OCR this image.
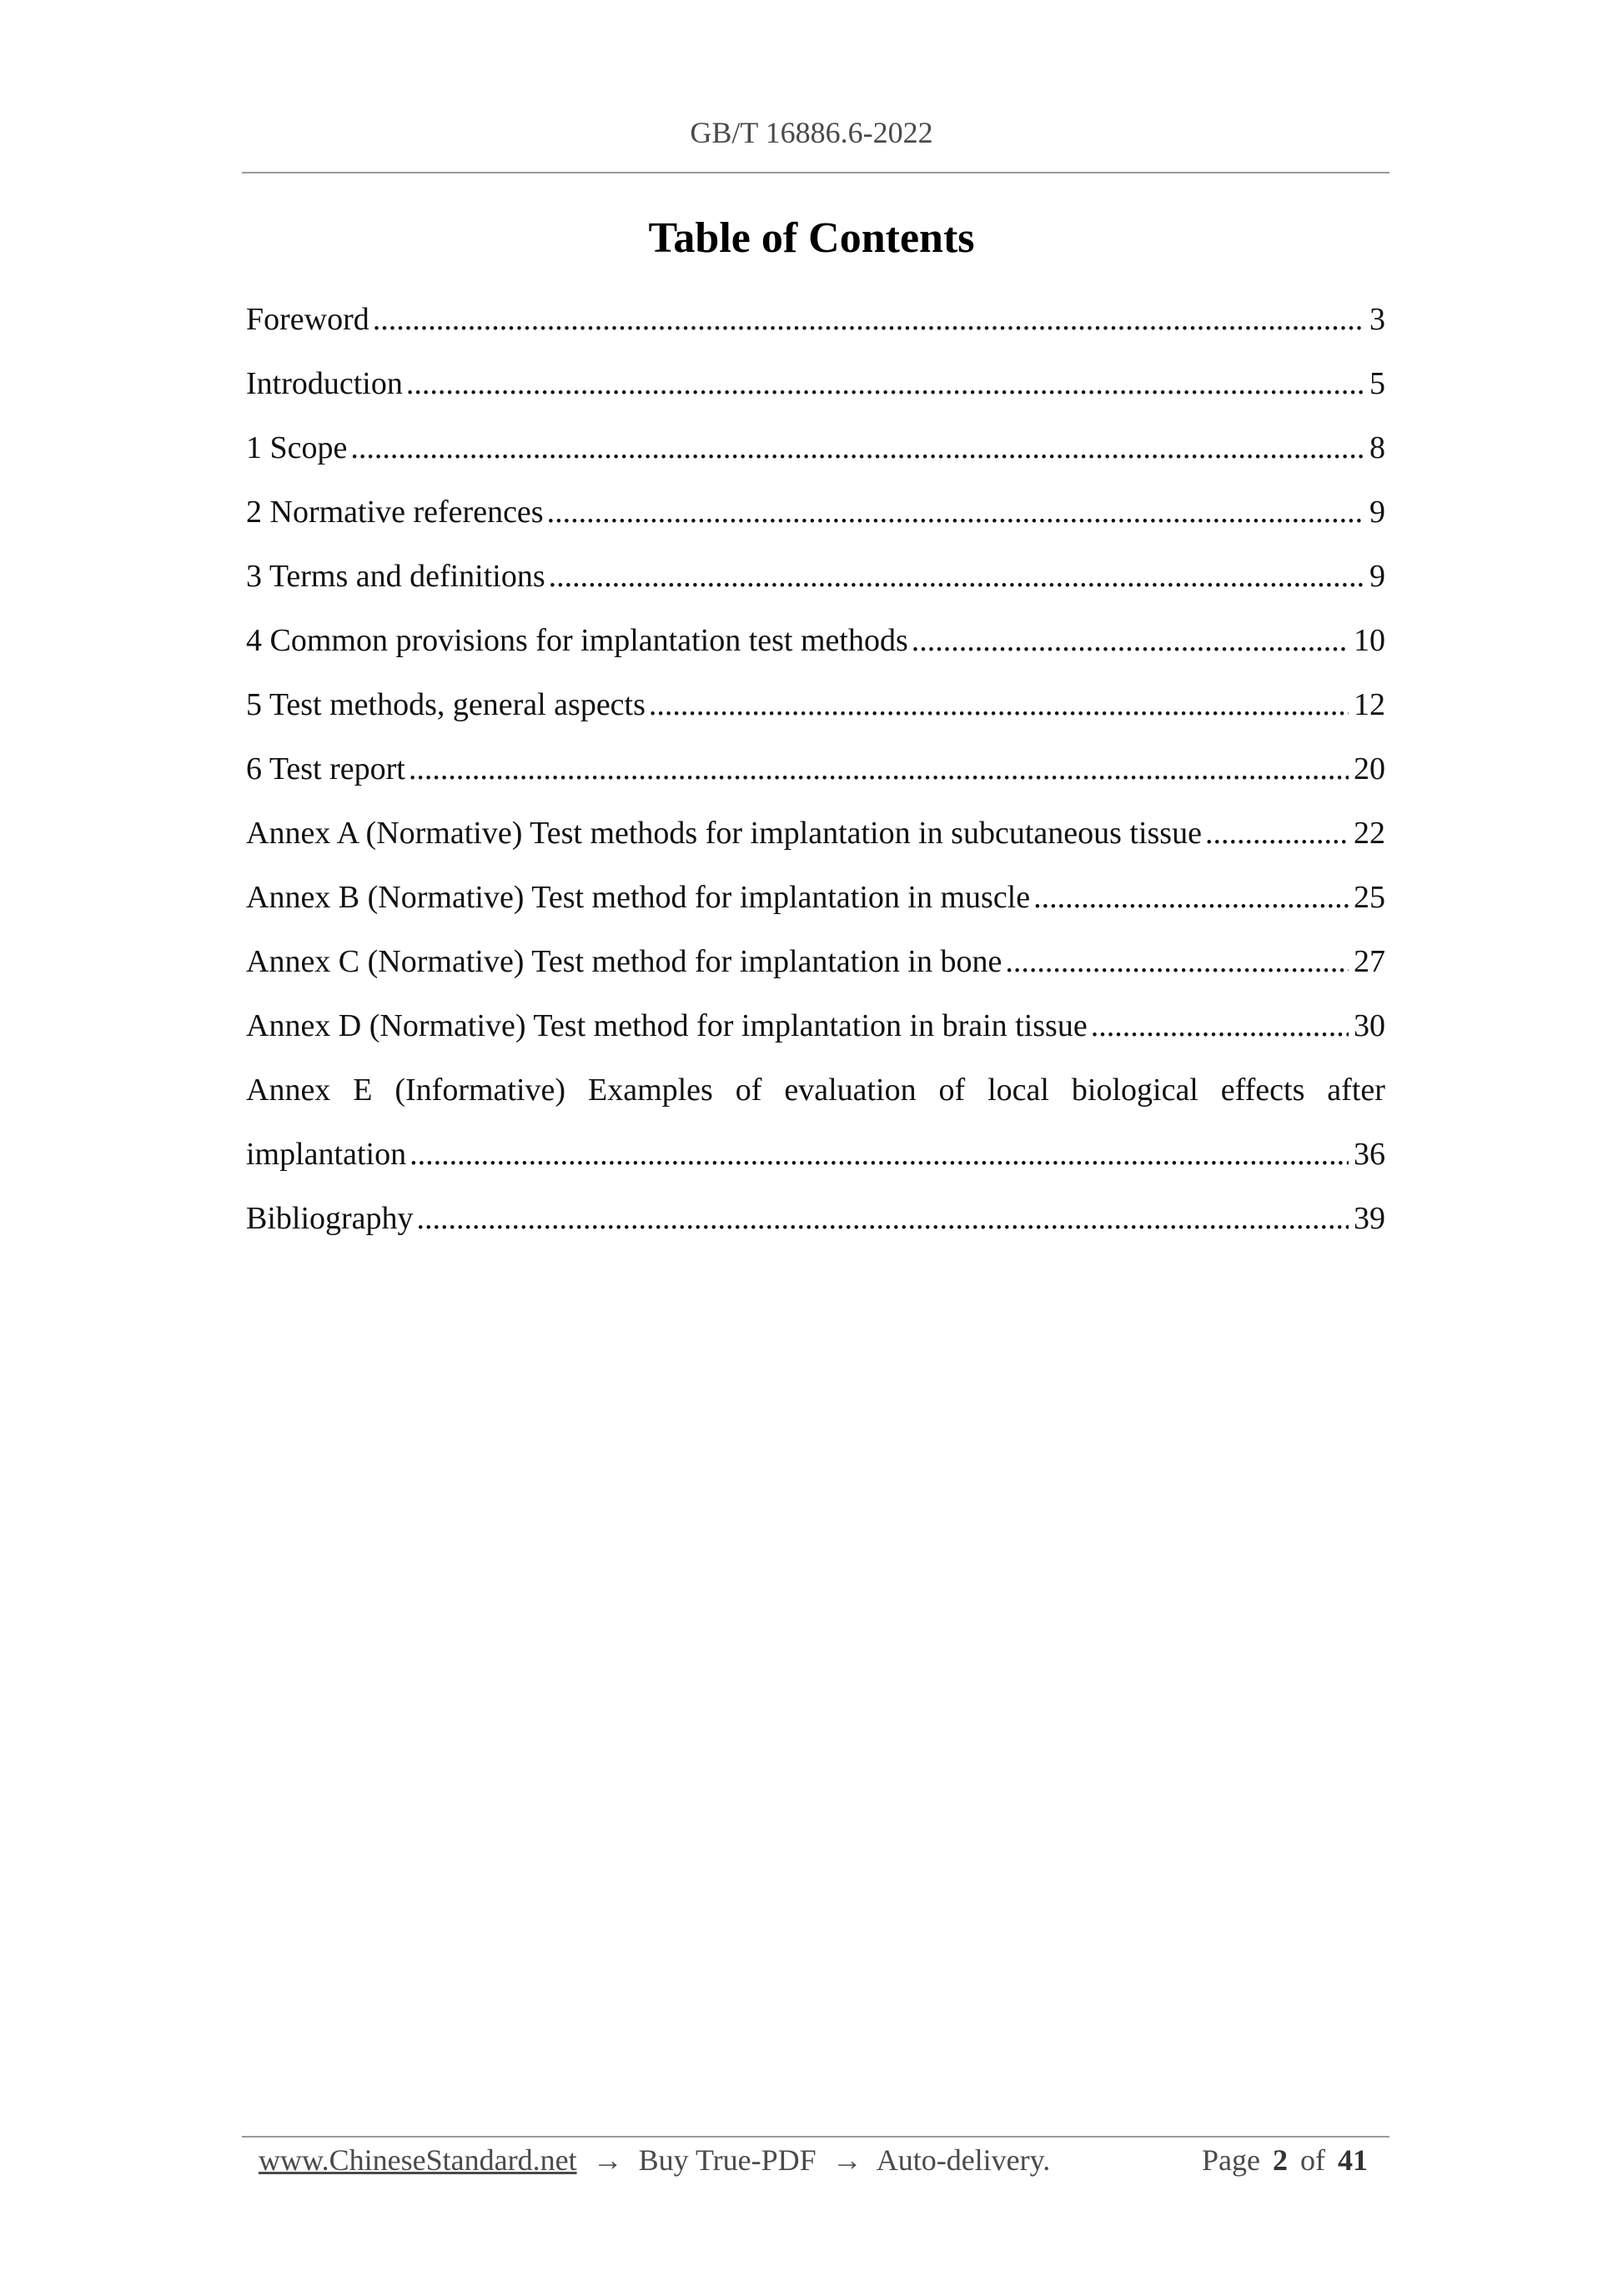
GB/T 16886.6-2022
Table of Contents
Foreword .....	3
Introduction .....	5
1 Scope .....	8
2 Normative references .....	9
3 Terms and definitions .....	9
4 Common provisions for implantation test methods .....	10
5 Test methods, general aspects .....	12
6 Test report .....	20
Annex A (Normative) Test methods for implantation in subcutaneous tissue .....	22
Annex B (Normative) Test method for implantation in muscle .....	25
Annex C (Normative) Test method for implantation in bone .....	27
Annex D (Normative) Test method for implantation in brain tissue .....	30
Annex E (Informative) Examples of evaluation of local biological effects after
implantation .....	36
Bibliography .....	39
www.ChineseStandard.net → Buy True-PDF → Auto-delivery.	Page 2 of 41
